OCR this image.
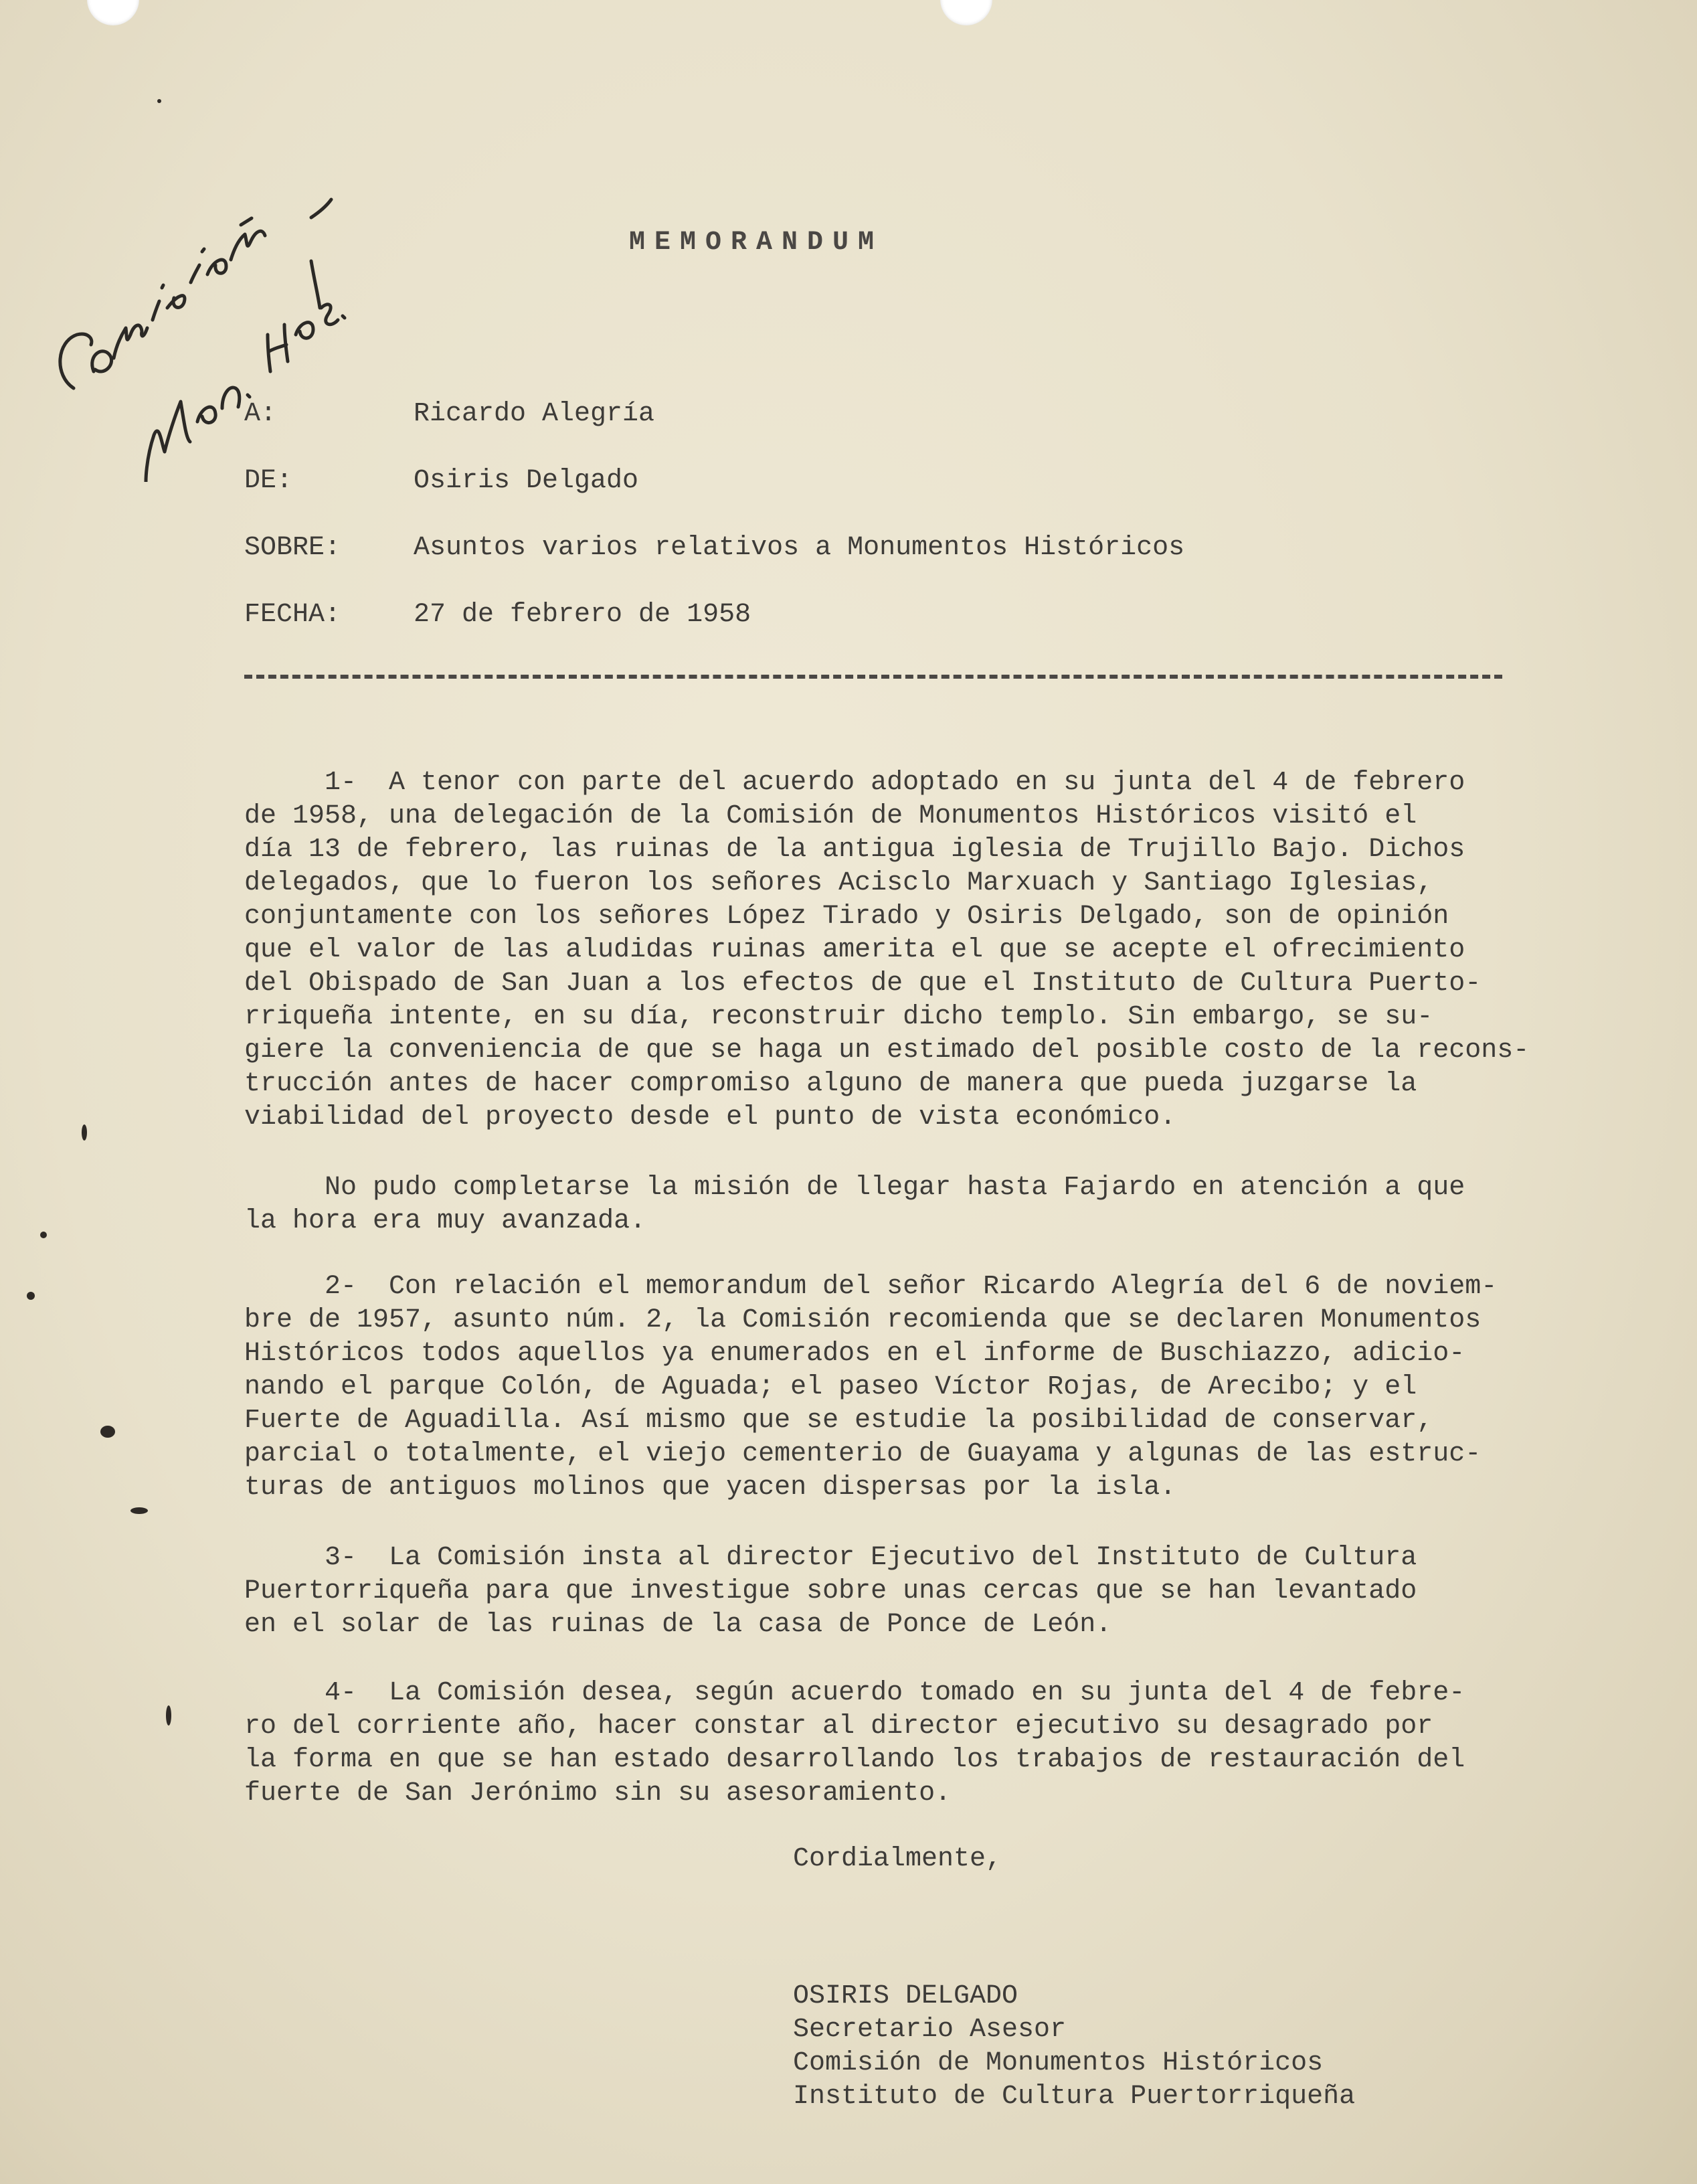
MEMORANDUM
A:	Ricardo Alegría
DE:	Osiris Delgado
SOBRE:	Asuntos varios relativos a Monumentos Históricos
FECHA:	27 de febrero de 1958

1-  A tenor con parte del acuerdo adoptado en su junta del 4 de febrero
de 1958, una delegación de la Comisión de Monumentos Históricos visitó el
día 13 de febrero, las ruinas de la antigua iglesia de Trujillo Bajo. Dichos
delegados, que lo fueron los señores Acisclo Marxuach y Santiago Iglesias,
conjuntamente con los señores López Tirado y Osiris Delgado, son de opinión
que el valor de las aludidas ruinas amerita el que se acepte el ofrecimiento
del Obispado de San Juan a los efectos de que el Instituto de Cultura Puerto-
rriqueña intente, en su día, reconstruir dicho templo. Sin embargo, se su-
giere la conveniencia de que se haga un estimado del posible costo de la recons-
trucción antes de hacer compromiso alguno de manera que pueda juzgarse la
viabilidad del proyecto desde el punto de vista económico.

No pudo completarse la misión de llegar hasta Fajardo en atención a que
la hora era muy avanzada.

2-  Con relación el memorandum del señor Ricardo Alegría del 6 de noviem-
bre de 1957, asunto núm. 2, la Comisión recomienda que se declaren Monumentos
Históricos todos aquellos ya enumerados en el informe de Buschiazzo, adicio-
nando el parque Colón, de Aguada; el paseo Víctor Rojas, de Arecibo; y el
Fuerte de Aguadilla. Así mismo que se estudie la posibilidad de conservar,
parcial o totalmente, el viejo cementerio de Guayama y algunas de las estruc-
turas de antiguos molinos que yacen dispersas por la isla.

3-  La Comisión insta al director Ejecutivo del Instituto de Cultura
Puertorriqueña para que investigue sobre unas cercas que se han levantado
en el solar de las ruinas de la casa de Ponce de León.

4-  La Comisión desea, según acuerdo tomado en su junta del 4 de febre-
ro del corriente año, hacer constar al director ejecutivo su desagrado por
la forma en que se han estado desarrollando los trabajos de restauración del
fuerte de San Jerónimo sin su asesoramiento.

Cordialmente,
OSIRIS DELGADO
Secretario Asesor
Comisión de Monumentos Históricos
Instituto de Cultura Puertorriqueña
